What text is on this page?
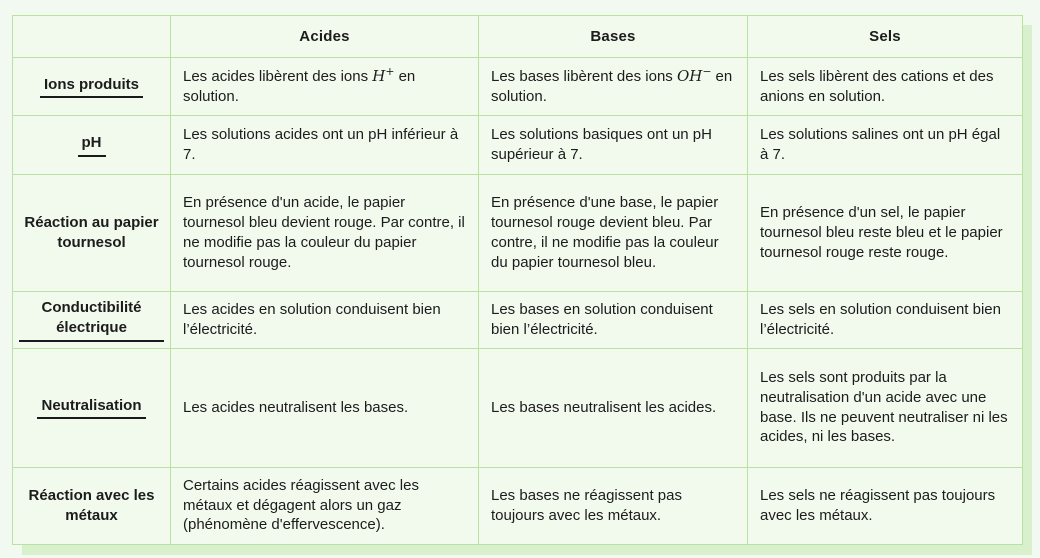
	Acides	Bases	Sels
Ions produits	Les acides libèrent des ions H+ en solution.	Les bases libèrent des ions OH− en solution.	Les sels libèrent des cations et des anions en solution.
pH	Les solutions acides ont un pH inférieur à 7.	Les solutions basiques ont un pH supérieur à 7.	Les solutions salines ont un pH égal à 7.
Réaction au papier tournesol	En présence d'un acide, le papier tournesol bleu devient rouge. Par contre, il ne modifie pas la couleur du papier tournesol rouge.	En présence d'une base, le papier tournesol rouge devient bleu. Par contre, il ne modifie pas la couleur du papier tournesol bleu.	En présence d'un sel, le papier tournesol bleu reste bleu et le papier tournesol rouge reste rouge.
Conductibilité électrique	Les acides en solution conduisent bien l’électricité.	Les bases en solution conduisent bien l’électricité.	Les sels en solution conduisent bien l’électricité.
Neutralisation	Les acides neutralisent les bases.	Les bases neutralisent les acides.	Les sels sont produits par la neutralisation d'un acide avec une base. Ils ne peuvent neutraliser ni les acides, ni les bases.
Réaction avec les métaux	Certains acides réagissent avec les métaux et dégagent alors un gaz (phénomène d'effervescence).	Les bases ne réagissent pas toujours avec les métaux.	Les sels ne réagissent pas toujours avec les métaux.
